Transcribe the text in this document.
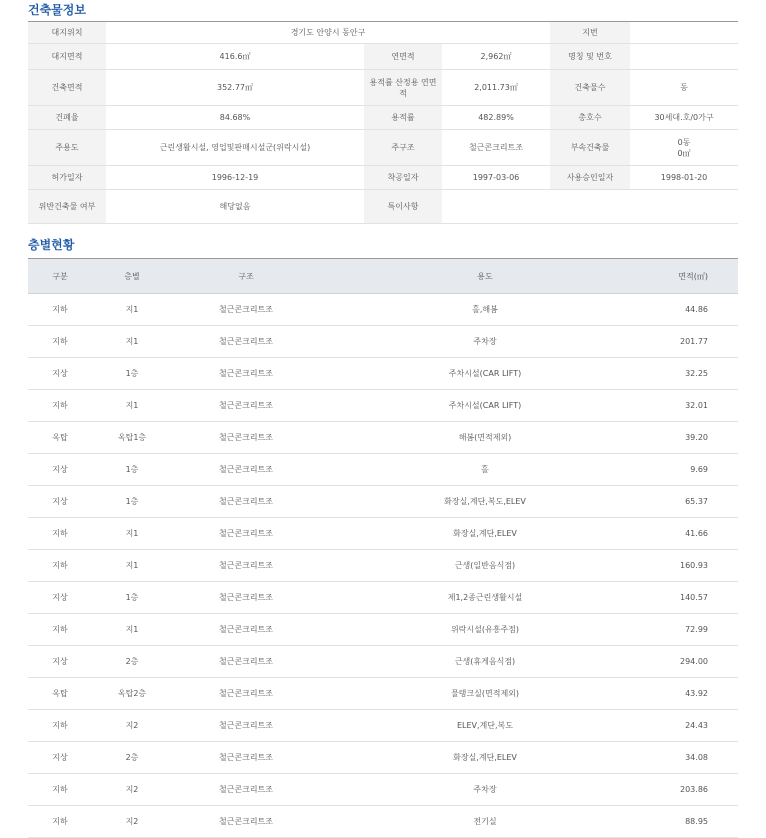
건축물정보
대지위치	경기도 안양시 동안구			지번	
대지면적	416.6㎡	연면적	2,962㎡	명칭 및 번호	
건축면적	352.77㎡	용적률 산정용 연면적	2,011.73㎡	건축물수	동
건폐율	84.68%	용적률	482.89%	총호수	30세대.호/0가구
주용도	근린생활시설, 영업및판매시설군(위락시설)	주구조	철근콘크리트조	부속건축물	0동
0㎡

허가일자	1996-12-19	착공일자	1997-03-06	사용승인일자	1998-01-20
위반건축물 여부	해당없음	특이사항			
층별현황
구분	층별	구조	용도	면적(㎡)
지하	지1	철근콘크리트조	홀,해봄	44.86
지하	지1	철근콘크리트조	주차장	201.77
지상	1층	철근콘크리트조	주차시설(CAR LIFT)	32.25
지하	지1	철근콘크리트조	주차시설(CAR LIFT)	32.01
옥탑	옥탑1층	철근콘크리트조	해봄(면적제외)	39.20
지상	1층	철근콘크리트조	홀	9.69
지상	1층	철근콘크리트조	화장실,계단,복도,ELEV	65.37
지하	지1	철근콘크리트조	화장실,계단,ELEV	41.66
지하	지1	철근콘크리트조	근생(일반음식점)	160.93
지상	1층	철근콘크리트조	제1,2종근린생활시설	140.57
지하	지1	철근콘크리트조	위락시설(유흥주점)	72.99
지상	2층	철근콘크리트조	근생(휴게음식점)	294.00
옥탑	옥탑2층	철근콘크리트조	물탱크실(면적제외)	43.92
지하	지2	철근콘크리트조	ELEV,계단,복도	24.43
지상	2층	철근콘크리트조	화장실,계단,ELEV	34.08
지하	지2	철근콘크리트조	주차장	203.86
지하	지2	철근콘크리트조	전기실	88.95
